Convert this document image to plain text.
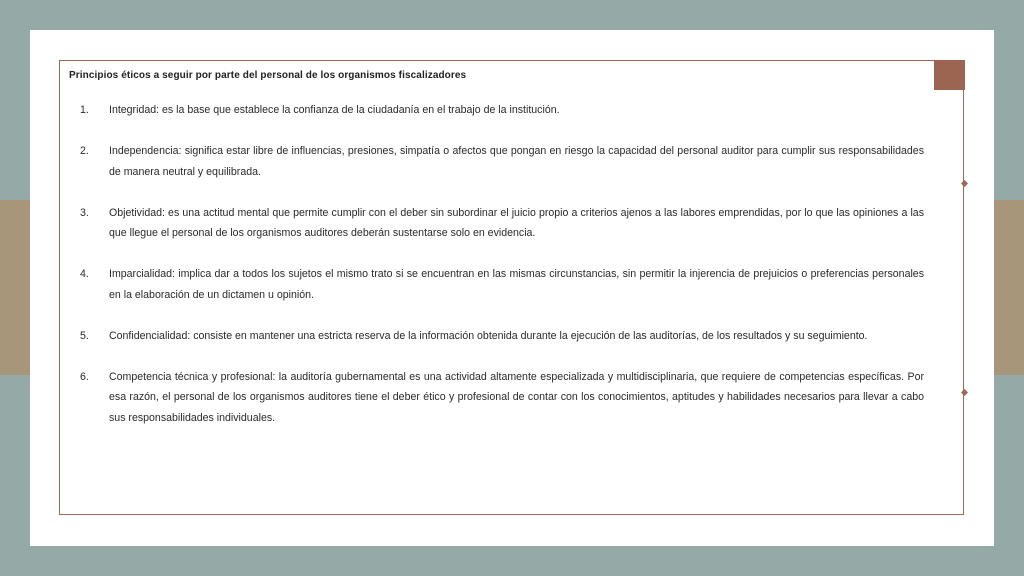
Principios éticos a seguir por parte del personal de los organismos fiscalizadores
1.	Integridad: es la base que establece la confianza de la ciudadanía en el trabajo de la institución.
2.	Independencia: significa estar libre de influencias, presiones, simpatía o afectos que pongan en riesgo la capacidad del personal auditor para cumplir sus responsabilidades de manera neutral y equilibrada.
3.	Objetividad: es una actitud mental que permite cumplir con el deber sin subordinar el juicio propio a criterios ajenos a las labores emprendidas, por lo que las opiniones a las que llegue el personal de los organismos auditores deberán sustentarse solo en evidencia.
4.	Imparcialidad: implica dar a todos los sujetos el mismo trato si se encuentran en las mismas circunstancias, sin permitir la injerencia de prejuicios o preferencias personales en la elaboración de un dictamen u opinión.
5.	Confidencialidad: consiste en mantener una estricta reserva de la información obtenida durante la ejecución de las auditorías, de los resultados y su seguimiento.
6.	Competencia técnica y profesional: la auditoría gubernamental es una actividad altamente especializada y multidisciplinaria, que requiere de competencias específicas. Por esa razón, el personal de los organismos auditores tiene el deber ético y profesional de contar con los conocimientos, aptitudes y habilidades necesarios para llevar a cabo sus responsabilidades individuales.
